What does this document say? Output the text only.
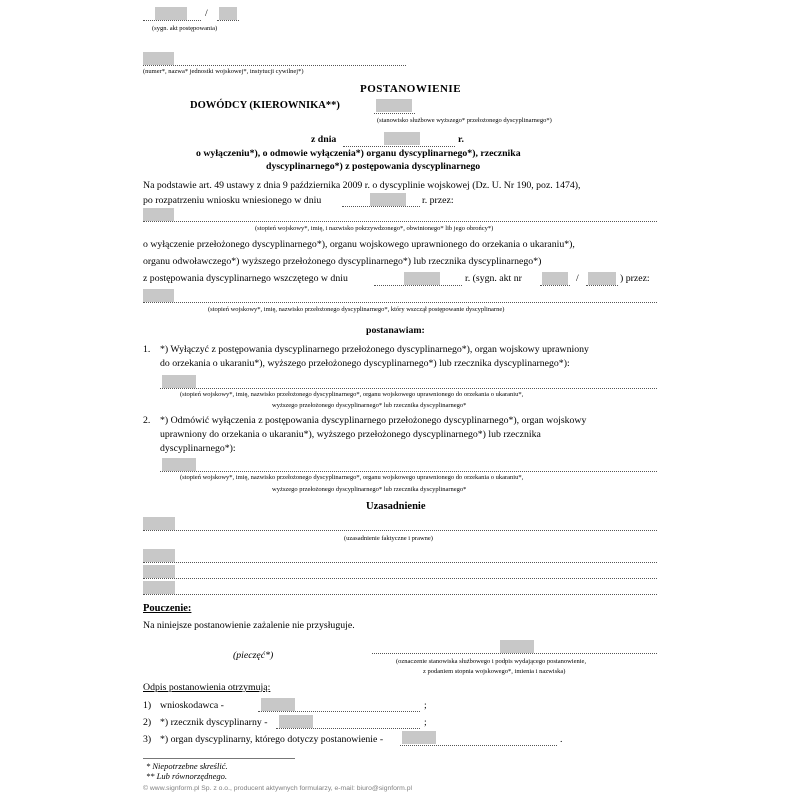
/
(sygn. akt postępowania)
(numer*, nazwa* jednostki wojskowej*, instytucji cywilnej*)
POSTANOWIENIE
DOWÓDCY (KIEROWNIKA**)
(stanowisko służbowe wyższego* przełożonego dyscyplinarnego*)
z dnia	r.
o wyłączeniu*), o odmowie wyłączenia*) organu dyscyplinarnego*), rzecznika
dyscyplinarnego*) z postępowania dyscyplinarnego
Na podstawie art. 49 ustawy z dnia 9 października 2009 r. o dyscyplinie wojskowej (Dz. U. Nr 190, poz. 1474),
po rozpatrzeniu wniosku wniesionego w dniu	r. przez:
(stopień wojskowy*, imię, i nazwisko pokrzywdzonego*, obwinionego* lib jego obrońcy*)
o wyłączenie przełożonego dyscyplinarnego*), organu wojskowego uprawnionego do orzekania o ukaraniu*),
organu odwoławczego*) wyższego przełożonego dyscyplinarnego*) lub rzecznika dyscyplinarnego*)
z postępowania dyscyplinarnego wszczętego w dniu	r. (sygn. akt nr	/	) przez:
(stopień wojskowy*, imię, nazwisko przełożonego dyscyplinarnego*, który wszczął postępowanie dyscyplinarne)
postanawiam:
1. *) Wyłączyć z postępowania dyscyplinarnego przełożonego dyscyplinarnego*), organ wojskowy uprawniony
do orzekania o ukaraniu*), wyższego przełożonego dyscyplinarnego*) lub rzecznika dyscyplinarnego*):
(stopień wojskowy*, imię, nazwisko przełożonego dyscyplinarnego*, organu wojskowego uprawnionego do orzekania o ukaraniu*,
wyższego przełożonego dyscyplinarnego* lub rzecznika dyscyplinarnego*
2. *) Odmówić wyłączenia z postępowania dyscyplinarnego przełożonego dyscyplinarnego*), organ wojskowy
uprawniony do orzekania o ukaraniu*), wyższego przełożonego dyscyplinarnego*) lub rzecznika
dyscyplinarnego*):
(stopień wojskowy*, imię, nazwisko przełożonego dyscyplinarnego*, organu wojskowego uprawnionego do orzekania o ukaraniu*,
wyższego przełożonego dyscyplinarnego* lub rzecznika dyscyplinarnego*
Uzasadnienie
(uzasadnienie faktyczne i prawne)
Pouczenie:
Na niniejsze postanowienie zażalenie nie przysługuje.
(pieczęć*)
(oznaczenie stanowiska służbowego i podpis wydającego postanowienie,
z podaniem stopnia wojskowego*, imienia i nazwiska)
Odpis postanowienia otrzymują:
1) wnioskodawca -	;
2) *) rzecznik dyscyplinarny -	;
3) *) organ dyscyplinarny, którego dotyczy postanowienie -	.
* Niepotrzebne skreślić.
** Lub równorzędnego.
© www.signform.pl Sp. z o.o., producent aktywnych formularzy, e-mail: biuro@signform.pl
